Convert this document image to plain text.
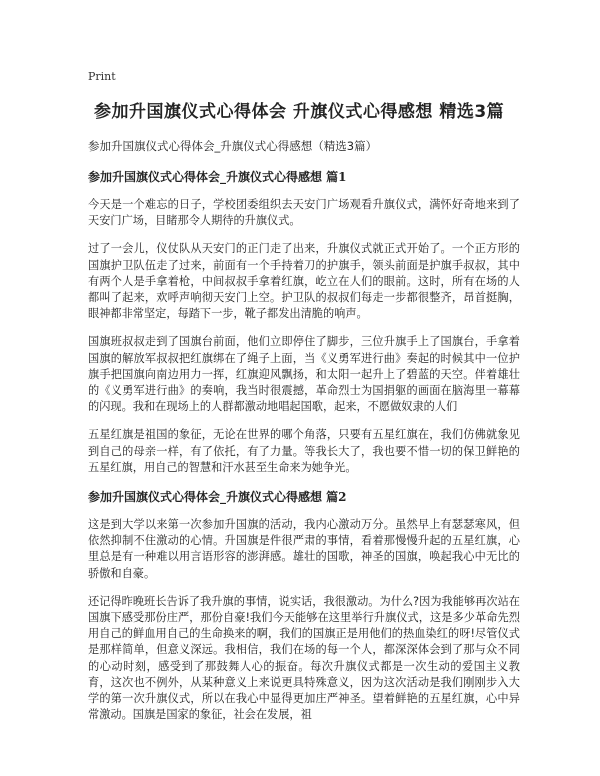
Print
参加升国旗仪式心得体会 升旗仪式心得感想 精选3篇
参加升国旗仪式心得体会_升旗仪式心得感想（精选3篇）
参加升国旗仪式心得体会_升旗仪式心得感想 篇1

今天是一个难忘的日子，学校团委组织去天安门广场观看升旗仪式，满怀好奇地来到了天安门广场，目睹那令人期待的升旗仪式。

过了一会儿，仪仗队从天安门的正门走了出来，升旗仪式就正式开始了。一个正方形的国旗护卫队伍走了过来，前面有一个手持着刀的护旗手，领头前面是护旗手叔叔，其中有两个人是手拿着枪，中间叔叔手拿着红旗，屹立在人们的眼前。这时，所有在场的人都叫了起来，欢呼声响彻天安门上空。护卫队的叔叔们每走一步都很整齐，昂首挺胸，眼神都非常坚定，每踏下一步，靴子都发出清脆的响声。

国旗班叔叔走到了国旗台前面，他们立即停住了脚步，三位升旗手上了国旗台，手拿着国旗的解放军叔叔把红旗绑在了绳子上面，当《义勇军进行曲》奏起的时候其中一位护旗手把国旗向南边用力一挥，红旗迎风飘扬，和太阳一起升上了碧蓝的天空。伴着雄壮的《义勇军进行曲》的奏响，我当时很震撼，革命烈士为国捐躯的画面在脑海里一幕幕的闪现。我和在现场上的人群都激动地唱起国歌，起来，不愿做奴隶的人们

五星红旗是祖国的象征，无论在世界的哪个角落，只要有五星红旗在，我们仿佛就象见到自己的母亲一样，有了依托，有了力量。等我长大了，我也要不惜一切的保卫鲜艳的五星红旗，用自己的智慧和汗水甚至生命来为她争光。

参加升国旗仪式心得体会_升旗仪式心得感想 篇2

这是到大学以来第一次参加升国旗的活动，我内心激动万分。虽然早上有瑟瑟寒风，但依然抑制不住激动的心情。升国旗是件很严肃的事情，看着那慢慢升起的五星红旗，心里总是有一种难以用言语形容的澎湃感。雄壮的国歌，神圣的国旗，唤起我心中无比的骄傲和自豪。

还记得昨晚班长告诉了我升旗的事情，说实话，我很激动。为什么?因为我能够再次站在国旗下感受那份庄严，那份自豪!我们今天能够在这里举行升旗仪式，这是多少革命先烈用自己的鲜血用自己的生命换来的啊，我们的国旗正是用他们的热血染红的呀!尽管仪式是那样简单，但意义深远。我相信，我们在场的每一个人，都深深体会到了那与众不同的心动时刻，感受到了那鼓舞人心的振奋。每次升旗仪式都是一次生动的爱国主义教育，这次也不例外，从某种意义上来说更具特殊意义，因为这次活动是我们刚刚步入大学的第一次升旗仪式，所以在我心中显得更加庄严神圣。望着鲜艳的五星红旗，心中异常激动。国旗是国家的象征，社会在发展，祖
